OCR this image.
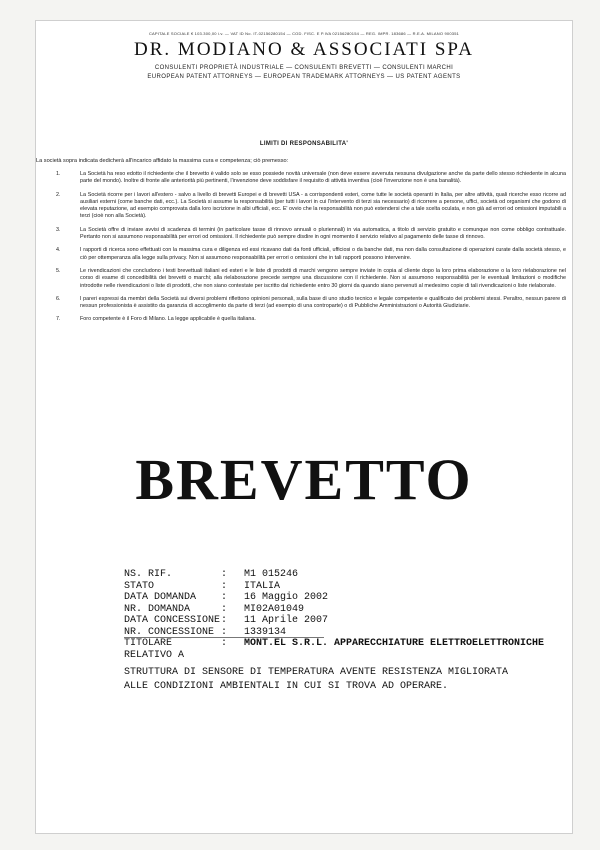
CAPITALE SOCIALE € 103.300,00 i.v. — VAT ID No. IT-02156280154 — COD. FISC. E P.IVA 02156280154 — REG. IMPR. 183686 — R.E.A. MILANO 900351
DR. MODIANO & ASSOCIATI SPA
CONSULENTI PROPRIETÀ INDUSTRIALE — CONSULENTI BREVETTI — CONSULENTI MARCHI
EUROPEAN PATENT ATTORNEYS — EUROPEAN TRADEMARK ATTORNEYS — US PATENT AGENTS
LIMITI DI RESPONSABILITA'
La società sopra indicata dedicherà all'incarico affidato la massima cura e competenza; ciò premesso:
1.	La Società ha reso edotto il richiedente che il brevetto è valido solo se esso possiede novità universale (non deve essere avvenuta nessuna divulgazione anche da parte dello stesso richiedente in alcuna parte del mondo). Inoltre di fronte alle anteriorità più pertinenti, l'invenzione deve soddisfare il requisito di attività inventiva (cioè l'invenzione non è una banalità).
2.	La Società ricorre per i lavori all'estero - salvo a livello di brevetti Europei e di brevetti USA - a corrispondenti esteri, come tutte le società operanti in Italia, per altre attività, quali ricerche esso ricorre ad ausiliari esterni (come banche dati, ecc.). La Società si assume la responsabilità (per tutti i lavori in cui l'intervento di terzi sia necessario) di ricorrere a persone, uffici, società od organismi che godono di elevata reputazione, ad esempio comprovata dalla loro iscrizione in albi ufficiali, ecc. E' ovvio che la responsabilità non può estendersi che a tale scelta oculata, e non già ad errori od omissioni imputabili a terzi (cioè non alla Società).
3.	La Società offre di inviare avvisi di scadenza di termini (in particolare tasse di rinnovo annuali o pluriennali) in via automatica, a titolo di servizio gratuito e comunque non come obbligo contrattuale. Pertanto non si assumono responsabilità per errori od omissioni. Il richiedente può sempre disdire in ogni momento il servizio relativo al pagamento delle tasse di rinnovo.
4.	I rapporti di ricerca sono effettuati con la massima cura e diligenza ed essi ricavano dati da fonti ufficiali, ufficiosi o da banche dati, ma non dalla consultazione di operazioni curate dalla società stesso, e ciò per ottemperanza alla legge sulla privacy. Non si assumono responsabilità per errori o omissioni che in tali rapporti possono intervenire.
5.	Le rivendicazioni che concludono i testi brevettuali italiani ed esteri e le liste di prodotti di marchi vengono sempre inviate in copia al cliente dopo la loro prima elaborazione o la loro rielaborazione nel corso di esame di concedibilità dei brevetti o marchi; alla rielaborazione precede sempre una discussione con il richiedente. Non si assumono responsabilità per le eventuali limitazioni o modifiche introdotte nelle rivendicazioni o liste di prodotti, che non siano contestate per iscritto dal richiedente entro 30 giorni da quando siano pervenuti al medesimo copie di tali rivendicazioni o liste rielaborate.
6.	I pareri espressi da membri della Società sui diversi problemi riflettono opinioni personali, sulla base di uno studio tecnico e legale competente e qualificato dei problemi stessi. Peraltro, nessun parere di nessun professionista è assistito da garanzia di accoglimento da parte di terzi (ad esempio di una controparte) o di Pubbliche Amministrazioni o Autorità Giudiziarie.
7.	Foro competente è il Foro di Milano. La legge applicabile è quella italiana.
BREVETTO
NS. RIF.	: M1 015246
STATO	: ITALIA
DATA DOMANDA : 16 Maggio 2002
NR. DOMANDA	: MI02A01049
DATA CONCESSIONE : 11 Aprile 2007
NR. CONCESSIONE : 1339134
TITOLARE	: MONT.EL S.R.L. APPARECCHIATURE ELETTROELETTRONICHE
RELATIVO A
STRUTTURA DI SENSORE DI TEMPERATURA AVENTE RESISTENZA MIGLIORATA
ALLE CONDIZIONI AMBIENTALI IN CUI SI TROVA AD OPERARE.
